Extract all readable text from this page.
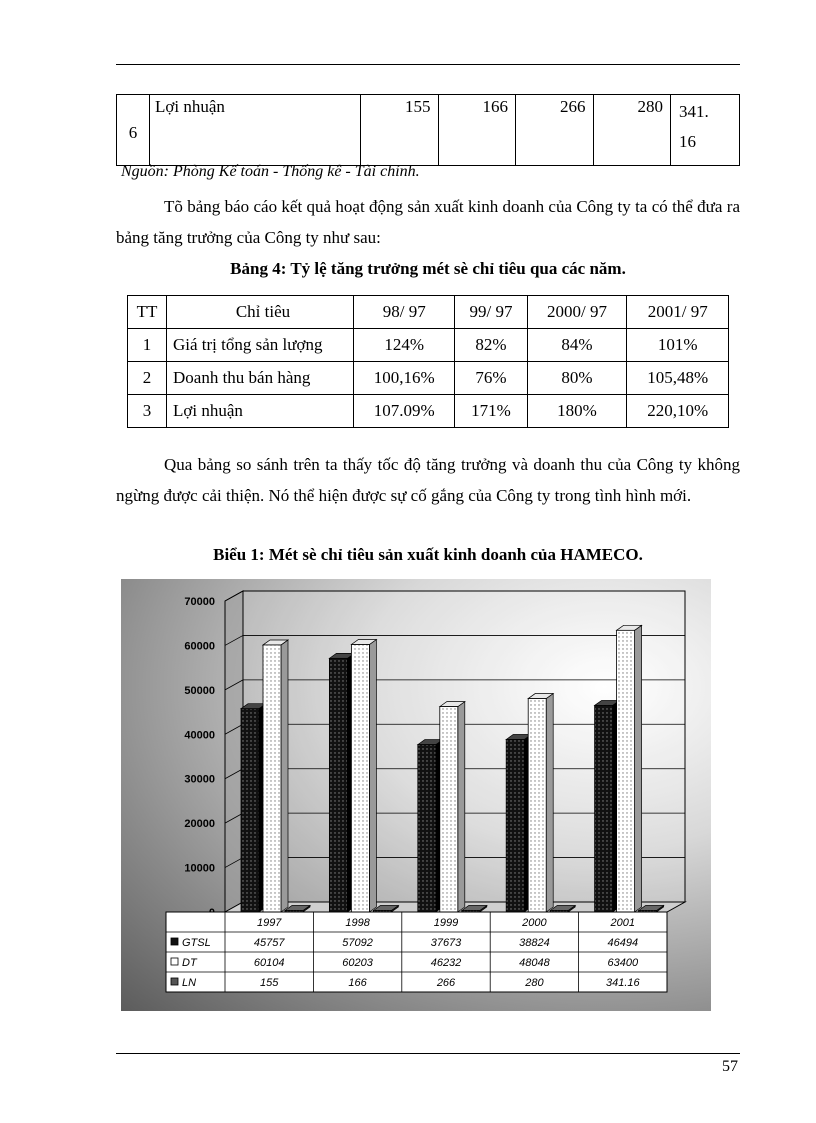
6	Lợi nhuận	155	166	266	280	341.
16
Nguồn: Phòng Kế toán - Thống kê - Tài chính.
Tõ bảng báo cáo kết quả hoạt động sản xuất kinh doanh của Công ty ta có thể đưa ra bảng tăng trưởng của Công ty như sau:
Bảng 4: Tỷ lệ tăng trưởng mét sè chỉ tiêu qua các năm.
TT	Chỉ tiêu	98/ 97	99/ 97	2000/ 97	2001/ 97
1	Giá trị tổng sản lượng	124%	82%	84%	101%
2	Doanh thu bán hàng	100,16%	76%	80%	105,48%
3	Lợi nhuận	107.09%	171%	180%	220,10%
Qua bảng so sánh trên ta thấy tốc độ tăng trưởng và doanh thu của Công ty không ngừng được cải thiện. Nó thể hiện được sự cố gắng của Công ty trong tình hình mới.
Biểu 1: Mét sè chỉ tiêu sản xuất kinh doanh của HAMECO.
10000
20000
30000
40000
50000
60000
70000
1997	1998	1999	2000	2001
GTSL	45757	57092	37673	38824	46494
DT	60104	60203	46232	48048	63400
LN	155	166	266	280	341.16
57
